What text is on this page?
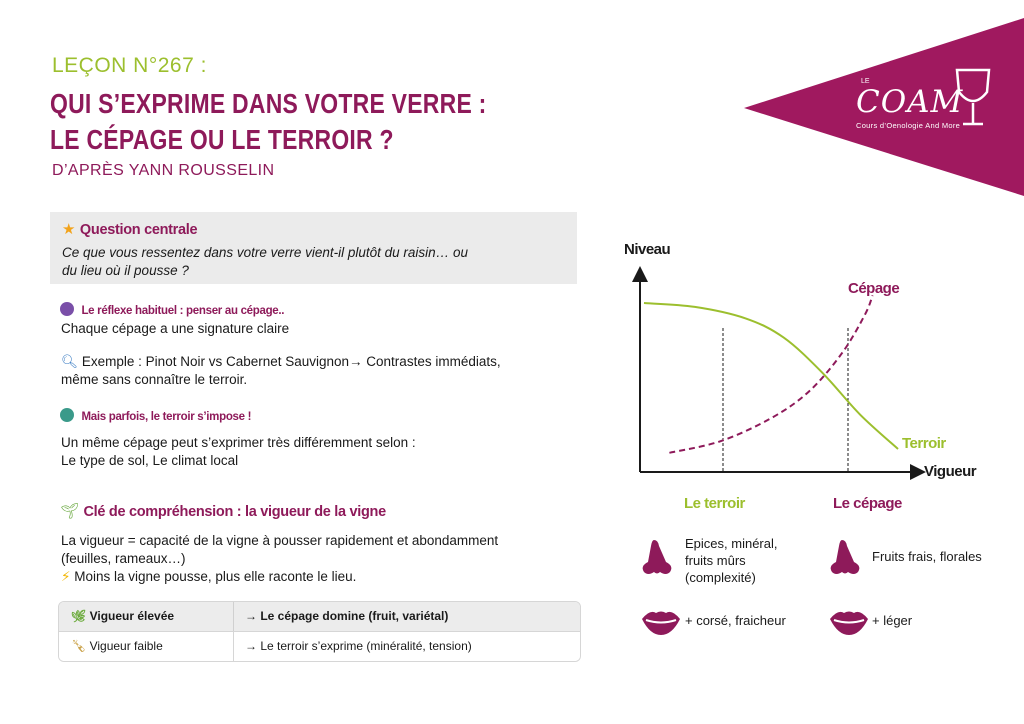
LEÇON N°267 :
QUI S’EXPRIME DANS VOTRE VERRE :
LE CÉPAGE OU LE TERROIR ?
D’APRÈS YANN ROUSSELIN
LE
COAM
Cours d’Oenologie And More
★ Question centrale
Ce que vous ressentez dans votre verre vient-il plutôt du raisin… ou
du lieu où il pousse ?
Le réflexe habituel : penser au cépage..
Chaque cépage a une signature claire
🔍︎ Exemple : Pinot Noir vs Cabernet Sauvignon→ Contrastes immédiats,
même sans connaître le terroir.
Mais parfois, le terroir s’impose !
Un même cépage peut s’exprimer très différemment selon :
Le type de sol, Le climat local
🌱︎ Clé de compréhension : la vigueur de la vigne
La vigueur = capacité de la vigne à pousser rapidement et abondamment
(feuilles, rameaux…)
⚡︎ Moins la vigne pousse, plus elle raconte le lieu.
🌿︎ Vigueur élevée	→ Le cépage domine (fruit, variétal)
🍾︎ Vigueur faible	→ Le terroir s’exprime (minéralité, tension)
Niveau
Vigueur
Cépage
Terroir
Le terroir	Le cépage
Epices, minéral,
fruits mûrs
(complexité)
Fruits frais, florales
+ corsé, fraicheur	+ léger
